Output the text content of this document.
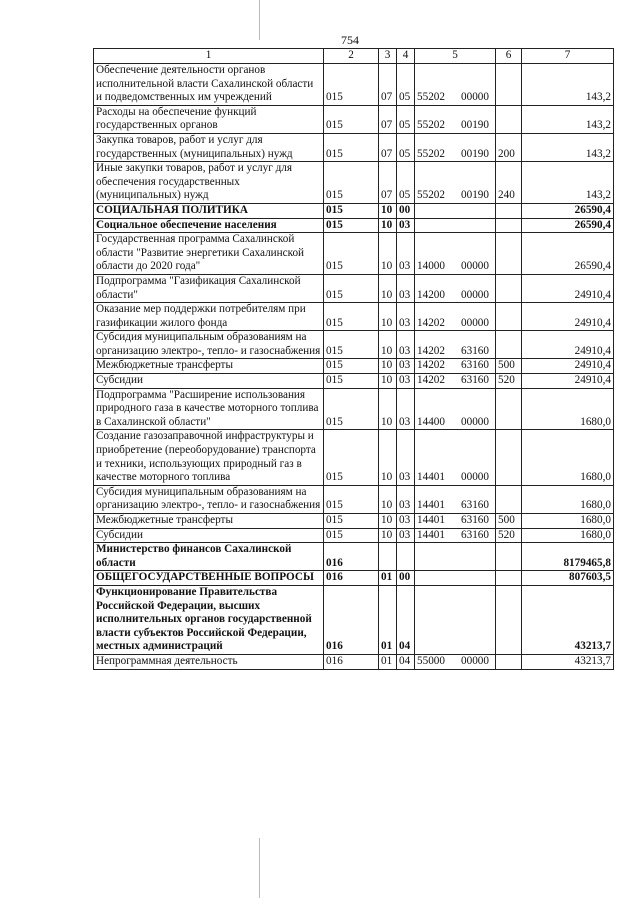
754
1	2	3	4	5	6	7
Обеспечение деятельности органов исполнительной власти Сахалинской области и подведомственных им учреждений	015	07	05	55202 00000		143,2
Расходы на обеспечение функций государственных органов	015	07	05	55202 00190		143,2
Закупка товаров, работ и услуг для государственных (муниципальных) нужд	015	07	05	55202 00190	200	143,2
Иные закупки товаров, работ и услуг для обеспечения государственных (муниципальных) нужд	015	07	05	55202 00190	240	143,2
СОЦИАЛЬНАЯ ПОЛИТИКА	015	10	00			26590,4
Социальное обеспечение населения	015	10	03			26590,4
Государственная программа Сахалинской области "Развитие энергетики Сахалинской области до 2020 года"	015	10	03	14000 00000		26590,4
Подпрограмма "Газификация Сахалинской области"	015	10	03	14200 00000		24910,4
Оказание мер поддержки потребителям при газификации жилого фонда	015	10	03	14202 00000		24910,4
Субсидия муниципальным образованиям на организацию электро-, тепло- и газоснабжения	015	10	03	14202 63160		24910,4
Межбюджетные трансферты	015	10	03	14202 63160	500	24910,4
Субсидии	015	10	03	14202 63160	520	24910,4
Подпрограмма "Расширение использования природного газа в качестве моторного топлива в Сахалинской области"	015	10	03	14400 00000		1680,0
Создание газозаправочной инфраструктуры и приобретение (переоборудование) транспорта и техники, использующих природный газ в качестве моторного топлива	015	10	03	14401 00000		1680,0
Субсидия муниципальным образованиям на организацию электро-, тепло- и газоснабжения	015	10	03	14401 63160		1680,0
Межбюджетные трансферты	015	10	03	14401 63160	500	1680,0
Субсидии	015	10	03	14401 63160	520	1680,0
Министерство финансов Сахалинской области	016					8179465,8
ОБЩЕГОСУДАРСТВЕННЫЕ ВОПРОСЫ	016	01	00			807603,5
Функционирование Правительства Российской Федерации, высших исполнительных органов государственной власти субъектов Российской Федерации, местных администраций	016	01	04			43213,7
Непрограммная деятельность	016	01	04	55000 00000		43213,7
